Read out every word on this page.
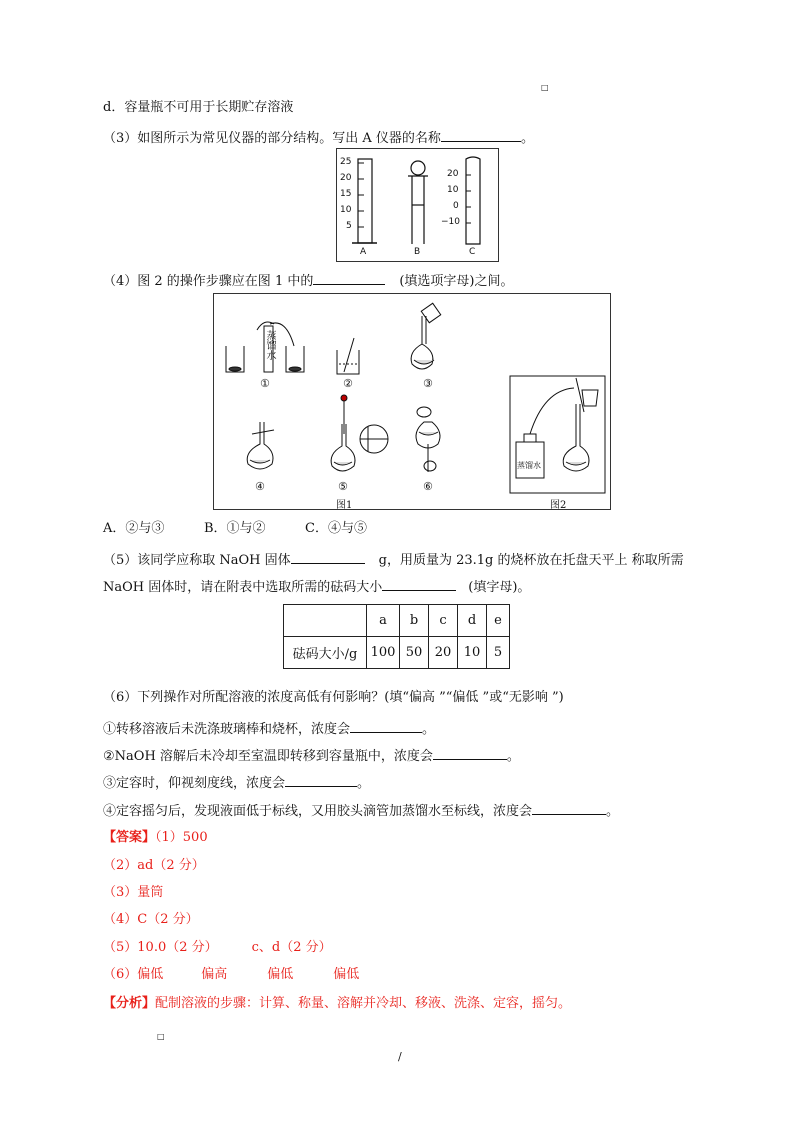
□
d．容量瓶不可用于长期贮存溶液
（3）如图所示为常见仪器的部分结构。写出 A 仪器的名称	。
25
20
15
10
5
20
10
0
−10
A	B	C
（4）图 2 的操作步骤应在图 1 中的	(填选项字母)之间。
蒸馏水
①	②	③
④	⑤	⑥
图1	图2
蒸馏水
A．②与③	B．①与②	C．④与⑤
（5）该同学应称取 NaOH 固体	g，用质量为 23.1g 的烧杯放在托盘天平上 称取所需
NaOH 固体时，请在附表中选取所需的砝码大小	(填字母)。
	a	b	c	d	e
砝码大小/g	100	50	20	10	5
（6）下列操作对所配溶液的浓度高低有何影响？(填“偏高 ”“偏低 ”或“无影响 ”)
①转移溶液后未洗涤玻璃棒和烧杯，浓度会	。
②NaOH 溶解后未冷却至室温即转移到容量瓶中，浓度会	。
③定容时，仰视刻度线，浓度会	。
④定容摇匀后，发现液面低于标线，又用胶头滴管加蒸馏水至标线，浓度会	。
【答案】（1）500
（2）ad（2 分）
（3）量筒
（4）C（2 分）
（5）10.0（2 分）	c、d（2 分）
（6）偏低	偏高	偏低	偏低
【分析】配制溶液的步骤：计算、称量、溶解并冷却、移液、洗涤、定容，摇匀。
□
/
